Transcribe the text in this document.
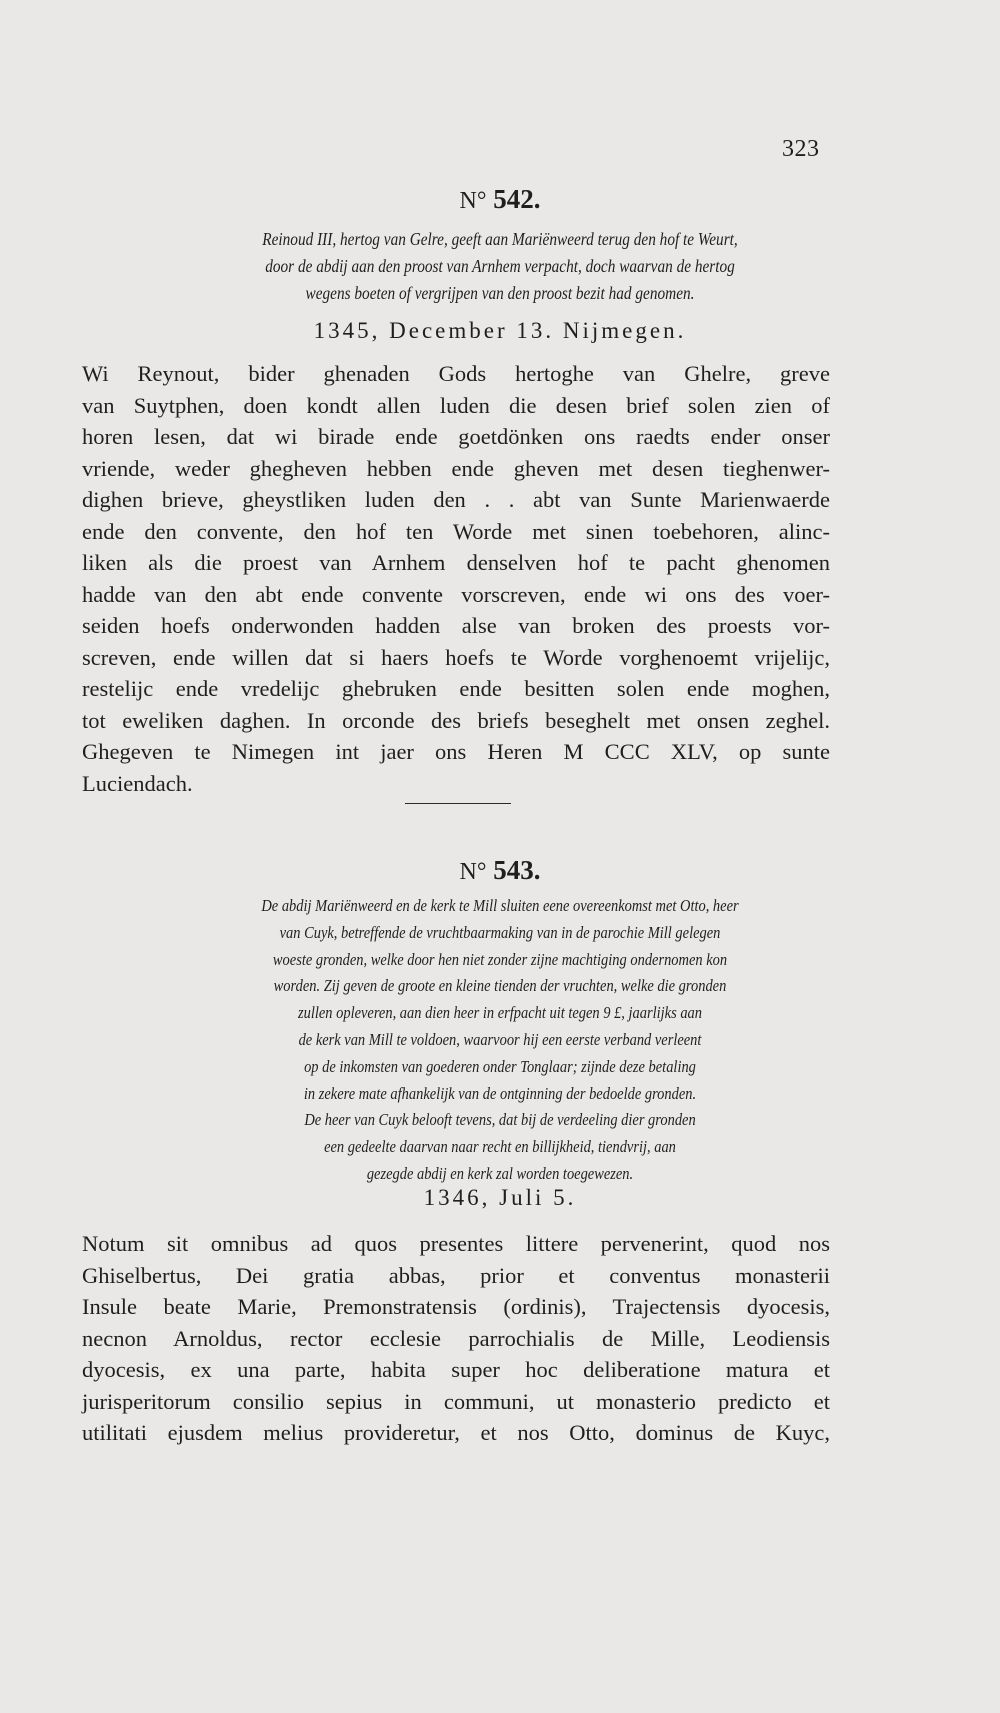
323
N° 542.
Reinoud III, hertog van Gelre, geeft aan Mariënweerd terug den hof te Weurt,
door de abdij aan den proost van Arnhem verpacht, doch waarvan de hertog
wegens boeten of vergrijpen van den proost bezit had genomen.
1345, December 13. Nijmegen.
Wi Reynout, bider ghenaden Gods hertoghe van Ghelre, greve
van Suytphen, doen kondt allen luden die desen brief solen zien of
horen lesen, dat wi birade ende goetdönken ons raedts ender onser
vriende, weder ghegheven hebben ende gheven met desen tieghenwer-
dighen brieve, gheystliken luden den . . abt van Sunte Marienwaerde
ende den convente, den hof ten Worde met sinen toebehoren, alinc-
liken als die proest van Arnhem denselven hof te pacht ghenomen
hadde van den abt ende convente vorscreven, ende wi ons des voer-
seiden hoefs onderwonden hadden alse van broken des proests vor-
screven, ende willen dat si haers hoefs te Worde vorghenoemt vrijelijc,
restelijc ende vredelijc ghebruken ende besitten solen ende moghen,
tot eweliken daghen. In orconde des briefs beseghelt met onsen zeghel.
Ghegeven te Nimegen int jaer ons Heren M CCC XLV, op sunte
Luciendach.
N° 543.
De abdij Mariënweerd en de kerk te Mill sluiten eene overeenkomst met Otto, heer
van Cuyk, betreffende de vruchtbaarmaking van in de parochie Mill gelegen
woeste gronden, welke door hen niet zonder zijne machtiging ondernomen kon
worden. Zij geven de groote en kleine tienden der vruchten, welke die gronden
zullen opleveren, aan dien heer in erfpacht uit tegen 9 £, jaarlijks aan
de kerk van Mill te voldoen, waarvoor hij een eerste verband verleent
op de inkomsten van goederen onder Tonglaar; zijnde deze betaling
in zekere mate afhankelijk van de ontginning der bedoelde gronden.
De heer van Cuyk belooft tevens, dat bij de verdeeling dier gronden
een gedeelte daarvan naar recht en billijkheid, tiendvrij, aan
gezegde abdij en kerk zal worden toegewezen.
1346, Juli 5.
Notum sit omnibus ad quos presentes littere pervenerint, quod nos
Ghiselbertus, Dei gratia abbas, prior et conventus monasterii
Insule beate Marie, Premonstratensis (ordinis), Trajectensis dyocesis,
necnon Arnoldus, rector ecclesie parrochialis de Mille, Leodiensis
dyocesis, ex una parte, habita super hoc deliberatione matura et
jurisperitorum consilio sepius in communi, ut monasterio predicto et
utilitati ejusdem melius provideretur, et nos Otto, dominus de Kuyc,
